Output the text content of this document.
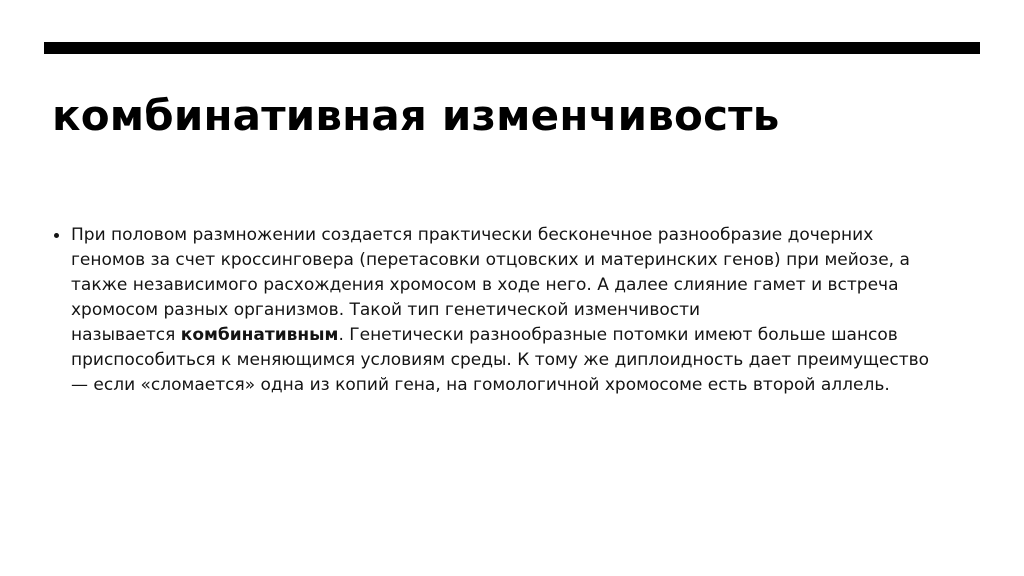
комбинативная изменчивость
При половом размножении создается практически бесконечное разнообразие дочерних
геномов за счет кроссинговера (перетасовки отцовских и материнских генов) при мейозе, а
также независимого расхождения хромосом в ходе него. А далее слияние гамет и встреча
хромосом разных организмов. Такой тип генетической изменчивости
называется комбинативным. Генетически разнообразные потомки имеют больше шансов
приспособиться к меняющимся условиям среды. К тому же диплоидность дает преимущество
— если «сломается» одна из копий гена, на гомологичной хромосоме есть второй аллель.
